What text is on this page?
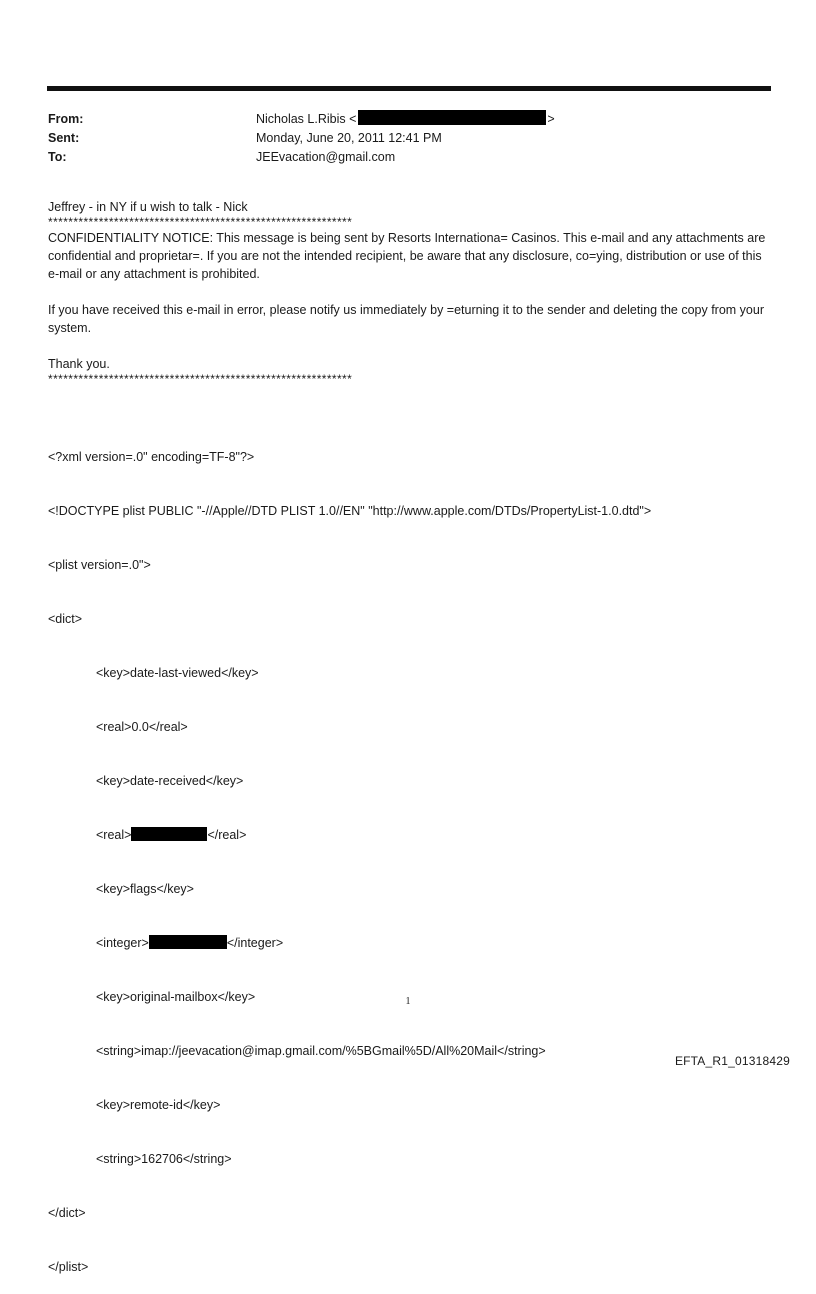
From:	Nicholas L.Ribis <	>
Sent:	Monday, June 20, 2011 12:41 PM
To:	JEEvacation@gmail.com

Jeffrey - in NY if u wish to talk - Nick

************************************************************

CONFIDENTIALITY NOTICE: This message is being sent by Resorts Internationa= Casinos. This e-mail and any attachments are confidential and proprietar=. If you are not the intended recipient, be aware that any disclosure, co=ying, distribution or use of this e-mail or any attachment is prohibited.

If you have received this e-mail in error, please notify us immediately by =eturning it to the sender and deleting the copy from your system.

Thank you.

************************************************************

<?xml version=.0" encoding=TF-8"?>

<!DOCTYPE plist PUBLIC "-//Apple//DTD PLIST 1.0//EN" "http://www.apple.com/DTDs/PropertyList-1.0.dtd">

<plist version=.0">

<dict>

<key>date-last-viewed</key>

<real>0.0</real>

<key>date-received</key>

<real>	</real>

<key>flags</key>

<integer>	</integer>

<key>original-mailbox</key>

<string>imap://jeevacation@imap.gmail.com/%5BGmail%5D/All%20Mail</string>

<key>remote-id</key>

<string>162706</string>

</dict>

</plist>

1
EFTA_R1_01318429
